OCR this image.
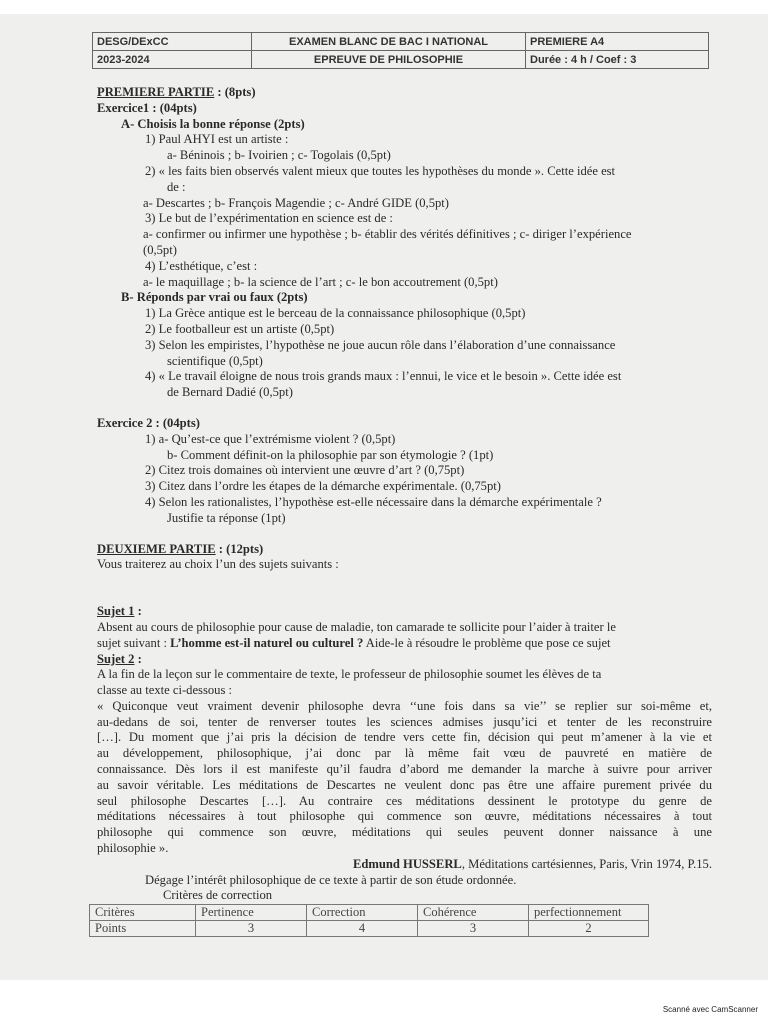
DESG/DExCC	EXAMEN BLANC DE BAC I NATIONAL	PREMIERE A4
2023-2024	EPREUVE DE PHILOSOPHIE	Durée : 4 h / Coef : 3

PREMIERE PARTIE : (8pts)

Exercice1 : (04pts)

A- Choisis la bonne réponse (2pts)

1) Paul AHYI est un artiste :

a- Béninois ; b- Ivoirien ; c- Togolais (0,5pt)

2) « les faits bien observés valent mieux que toutes les hypothèses du monde ». Cette idée est

de :

a- Descartes ; b- François Magendie ; c- André GIDE (0,5pt)

3) Le but de l’expérimentation en science est de :

a- confirmer ou infirmer une hypothèse ; b- établir des vérités définitives ; c- diriger l’expérience

(0,5pt)

4) L’esthétique, c’est :

a- le maquillage ; b- la science de l’art ; c- le bon accoutrement (0,5pt)

B- Réponds par vrai ou faux (2pts)

1) La Grèce antique est le berceau de la connaissance philosophique (0,5pt)

2) Le footballeur est un artiste (0,5pt)

3) Selon les empiristes, l’hypothèse ne joue aucun rôle dans l’élaboration d’une connaissance

scientifique (0,5pt)

4) « Le travail éloigne de nous trois grands maux : l’ennui, le vice et le besoin ». Cette idée est

de Bernard Dadié (0,5pt)

Exercice 2 : (04pts)

1) a- Qu’est-ce que l’extrémisme violent ? (0,5pt)

b- Comment définit-on la philosophie par son étymologie ? (1pt)

2) Citez trois domaines où intervient une œuvre d’art ? (0,75pt)

3) Citez dans l’ordre les étapes de la démarche expérimentale. (0,75pt)

4) Selon les rationalistes, l’hypothèse est-elle nécessaire dans la démarche expérimentale ?

Justifie ta réponse (1pt)

DEUXIEME PARTIE : (12pts)

Vous traiterez au choix l’un des sujets suivants :

Sujet 1 :

Absent au cours de philosophie pour cause de maladie, ton camarade te sollicite pour l’aider à traiter le

sujet suivant : L’homme est-il naturel ou culturel ? Aide-le à résoudre le problème que pose ce sujet

Sujet 2 :

A la fin de la leçon sur le commentaire de texte, le professeur de philosophie soumet les élèves de ta

classe au texte ci-dessous :

« Quiconque veut vraiment devenir philosophe devra ‘‘une fois dans sa vie’’ se replier sur soi-même et,

au-dedans de soi, tenter de renverser toutes les sciences admises jusqu’ici et tenter de les reconstruire

[…]. Du moment que j’ai pris la décision de tendre vers cette fin, décision qui peut m’amener à la vie et

au développement, philosophique, j’ai donc par là même fait vœu de pauvreté en matière de

connaissance. Dès lors il est manifeste qu’il faudra d’abord me demander la marche à suivre pour arriver

au savoir véritable. Les méditations de Descartes ne veulent donc pas être une affaire purement privée du

seul philosophe Descartes […]. Au contraire ces méditations dessinent le prototype du genre de

méditations nécessaires à tout philosophe qui commence son œuvre, méditations nécessaires à tout

philosophe qui commence son œuvre, méditations qui seules peuvent donner naissance à une

philosophie ».

Edmund HUSSERL, Méditations cartésiennes, Paris, Vrin 1974, P.15.

Dégage l’intérêt philosophique de ce texte à partir de son étude ordonnée.

Critères de correction

Critères	Pertinence	Correction	Cohérence	perfectionnement
Points	3	4	3	2
Scanné avec CamScanner
